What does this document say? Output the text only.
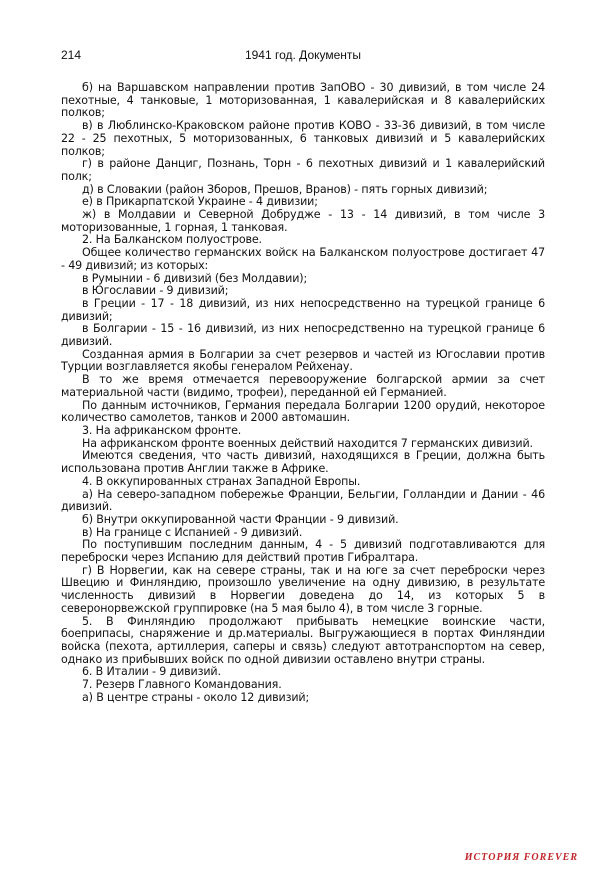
214	1941 год. Документы

б) на Варшавском направлении против ЗапОВО - 30 дивизий, в том числе 24 пехотные, 4 танковые, 1 моторизованная, 1 кавалерийская и 8 кавалерийских полков;

в) в Люблинско-Краковском районе против КОВО - 33-36 дивизий, в том числе 22 - 25 пехотных, 5 моторизованных, 6 танковых дивизий и 5 кавалерийских полков;

г) в районе Данциг, Познань, Торн - 6 пехотных дивизий и 1 кавалерийский полк;

д) в Словакии (район Зборов, Прешов, Вранов) - пять горных дивизий;

е) в Прикарпатской Украине - 4 дивизии;

ж) в Молдавии и Северной Добрудже - 13 - 14 дивизий, в том числе 3 моторизованные, 1 горная, 1 танковая.

2. На Балканском полуострове.

Общее количество германских войск на Балканском полуострове достигает 47 - 49 дивизий; из которых:

в Румынии - 6 дивизий (без Молдавии);

в Югославии - 9 дивизий;

в Греции - 17 - 18 дивизий, из них непосредственно на турецкой границе 6 дивизий;

в Болгарии - 15 - 16 дивизий, из них непосредственно на турецкой границе 6 дивизий.

Созданная армия в Болгарии за счет резервов и частей из Югославии против Турции возглавляется якобы генералом Рейхенау.

В то же время отмечается перевооружение болгарской армии за счет материальной части (видимо, трофеи), переданной ей Германией.

По данным источников, Германия передала Болгарии 1200 орудий, некоторое количество самолетов, танков и 2000 автомашин.

3. На африканском фронте.

На африканском фронте военных действий находится 7 германских дивизий.

Имеются сведения, что часть дивизий, находящихся в Греции, должна быть использована против Англии также в Африке.

4. В оккупированных странах Западной Европы.

а) На северо-западном побережье Франции, Бельгии, Голландии и Дании - 46 дивизий.

б) Внутри оккупированной части Франции - 9 дивизий.

в) На границе с Испанией - 9 дивизий.

По поступившим последним данным, 4 - 5 дивизий подготавливаются для переброски через Испанию для действий против Гибралтара.

г) В Норвегии, как на севере страны, так и на юге за счет переброски через Швецию и Финляндию, произошло увеличение на одну дивизию, в результате численность дивизий в Норвегии доведена до 14, из которых 5 в северонорвежской группировке (на 5 мая было 4), в том числе 3 горные.

5. В Финляндию продолжают прибывать немецкие воинские части, боеприпасы, снаряжение и др.материалы. Выгружающиеся в портах Финляндии войска (пехота, артиллерия, саперы и связь) следуют автотранспортом на север, однако из прибывших войск по одной дивизии оставлено внутри страны.

6. В Италии - 9 дивизий.

7. Резерв Главного Командования.

а) В центре страны - около 12 дивизий;

ИСТОРИЯ FOREVER
